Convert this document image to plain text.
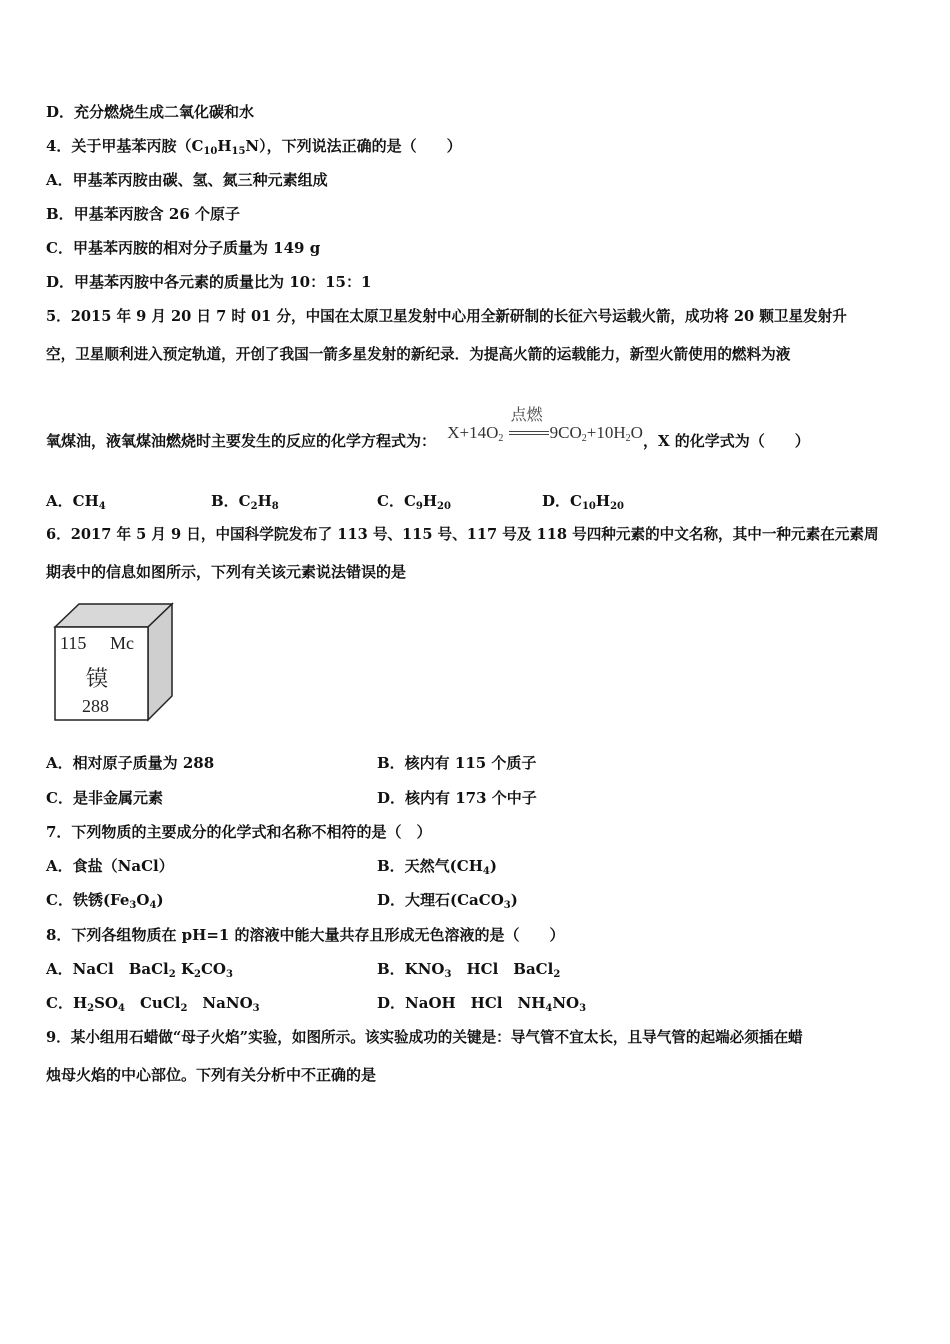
D．充分燃烧生成二氧化碳和水
4．关于甲基苯丙胺$(C_{10}H_{15}N)$，下列说法正确的是（　　）
A．甲基苯丙胺由碳、氢、氮三种元素组成
B．甲基苯丙胺含 26 个原子
C．甲基苯丙胺的相对分子质量为 149 g
D．甲基苯丙胺中各元素的质量比为 10：15：1
5．2015 年 9 月 20 日 7 时 01 分，中国在太原卫星发射中心用全新研制的长征六号运载火箭，成功将 20 颗卫星发射升
空，卫星顺利进入预定轨道，开创了我国一箭多星发射的新纪录．为提高火箭的运载能力，新型火箭使用的燃料为液
氧煤油，液氧煤油燃烧时主要发生的反应的化学方程式为： $X+14O_2$
点燃
$9CO_2+10H_2O$，X 的化学式为（　　）
A．$CH_4$	B．$C_2H_8$	C．$C_9H_{20}$	D．$C_{10}H_{20}$
6．2017 年 5 月 9 日，中国科学院发布了 113 号、115 号、117 号及 118 号四种元素的中文名称，其中一种元素在元素周
期表中的信息如图所示，下列有关该元素说法错误的是
115 Mc
镆
288
A．相对原子质量为 288	B．核内有 115 个质子
C．是非金属元素	D．核内有 173 个中子
7．下列物质的主要成分的化学式和名称不相符的是（　）
A．食盐（NaCl）	B．天然气$(CH_4)$
C．铁锈$(Fe_3O_4)$	D．大理石(CaCO$_3$)
8．下列各组物质在 pH=1 的溶液中能大量共存且形成无色溶液的是（　　）
A．NaCl　BaCl$_2$ $K_2CO_3$	B．$KNO_3$　HCl　BaCl$_2$
C．$H_2SO_4$　CuCl$_2$　NaNO$_3$	D．NaOH　HCl　$NH_4NO_3$
9．某小组用石蜡做“母子火焰”实验，如图所示。该实验成功的关键是：导气管不宜太长，且导气管的起端必须插在蜡
烛母火焰的中心部位。下列有关分析中不正确的是
